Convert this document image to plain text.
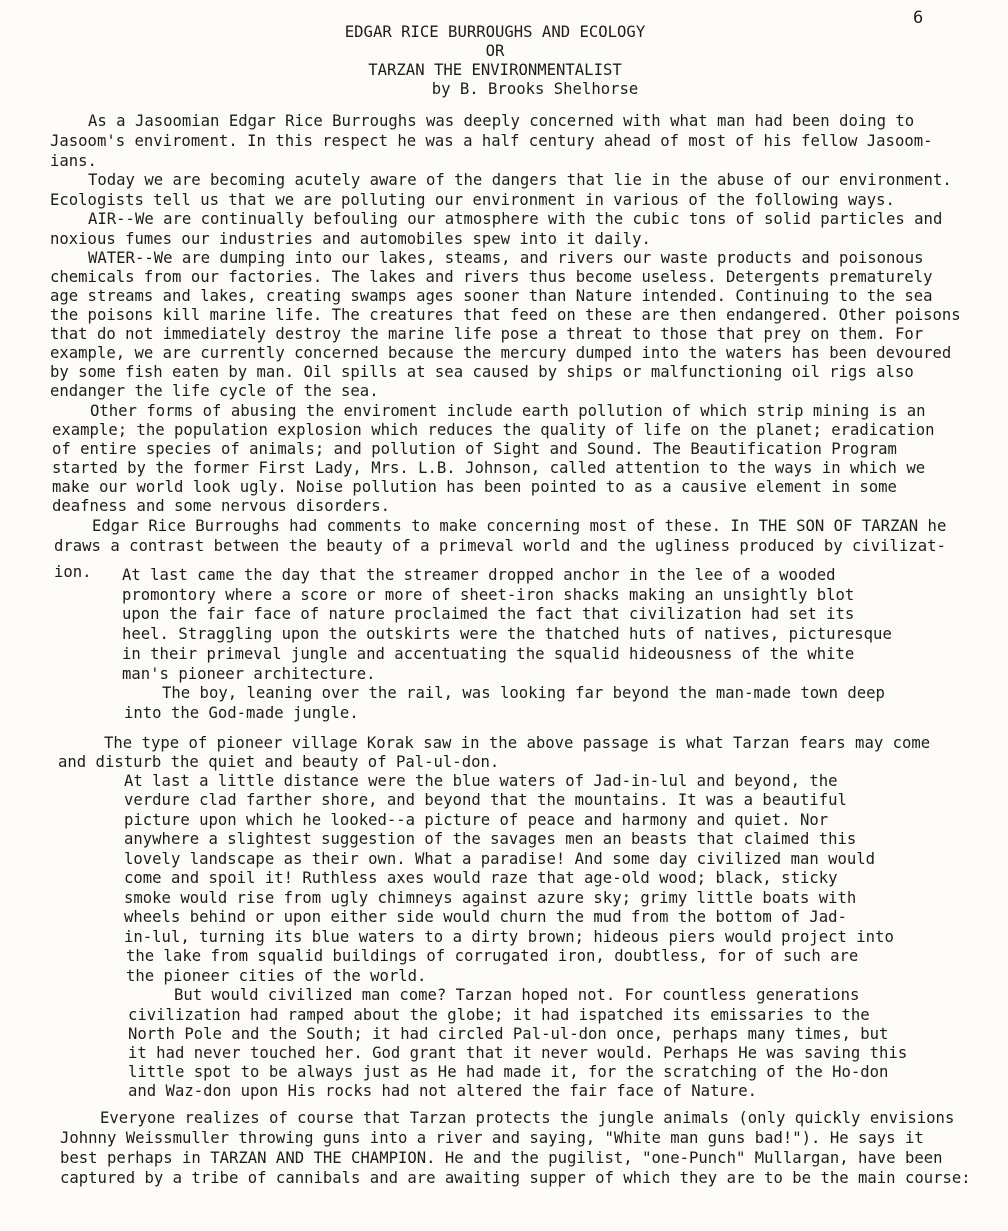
6
EDGAR RICE BURROUGHS AND ECOLOGY
OR
TARZAN THE ENVIRONMENTALIST
by B. Brooks Shelhorse
As a Jasoomian Edgar Rice Burroughs was deeply concerned with what man had been doing to
Jasoom's enviroment. In this respect he was a half century ahead of most of his fellow Jasoom-
ians.
Today we are becoming acutely aware of the dangers that lie in the abuse of our environment.
Ecologists tell us that we are polluting our environment in various of the following ways.
AIR--We are continually befouling our atmosphere with the cubic tons of solid particles and
noxious fumes our industries and automobiles spew into it daily.
WATER--We are dumping into our lakes, steams, and rivers our waste products and poisonous
chemicals from our factories. The lakes and rivers thus become useless. Detergents prematurely
age streams and lakes, creating swamps ages sooner than Nature intended. Continuing to the sea
the poisons kill marine life. The creatures that feed on these are then endangered. Other poisons
that do not immediately destroy the marine life pose a threat to those that prey on them. For
example, we are currently concerned because the mercury dumped into the waters has been devoured
by some fish eaten by man. Oil spills at sea caused by ships or malfunctioning oil rigs also
endanger the life cycle of the sea.
Other forms of abusing the enviroment include earth pollution of which strip mining is an
example; the population explosion which reduces the quality of life on the planet; eradication
of entire species of animals; and pollution of Sight and Sound. The Beautification Program
started by the former First Lady, Mrs. L.B. Johnson, called attention to the ways in which we
make our world look ugly. Noise pollution has been pointed to as a causive element in some
deafness and some nervous disorders.
Edgar Rice Burroughs had comments to make concerning most of these. In THE SON OF TARZAN he
draws a contrast between the beauty of a primeval world and the ugliness produced by civilizat-
ion. At last came the day that the streamer dropped anchor in the lee of a wooded
promontory where a score or more of sheet-iron shacks making an unsightly blot
upon the fair face of nature proclaimed the fact that civilization had set its
heel. Straggling upon the outskirts were the thatched huts of natives, picturesque
in their primeval jungle and accentuating the squalid hideousness of the white
man's pioneer architecture.
The boy, leaning over the rail, was looking far beyond the man-made town deep
into the God-made jungle.
The type of pioneer village Korak saw in the above passage is what Tarzan fears may come
and disturb the quiet and beauty of Pal-ul-don.
At last a little distance were the blue waters of Jad-in-lul and beyond, the
verdure clad farther shore, and beyond that the mountains. It was a beautiful
picture upon which he looked--a picture of peace and harmony and quiet. Nor
anywhere a slightest suggestion of the savages men an beasts that claimed this
lovely landscape as their own. What a paradise! And some day civilized man would
come and spoil it! Ruthless axes would raze that age-old wood; black, sticky
smoke would rise from ugly chimneys against azure sky; grimy little boats with
wheels behind or upon either side would churn the mud from the bottom of Jad-
in-lul, turning its blue waters to a dirty brown; hideous piers would project into
the lake from squalid buildings of corrugated iron, doubtless, for of such are
the pioneer cities of the world.
But would civilized man come? Tarzan hoped not. For countless generations
civilization had ramped about the globe; it had ispatched its emissaries to the
North Pole and the South; it had circled Pal-ul-don once, perhaps many times, but
it had never touched her. God grant that it never would. Perhaps He was saving this
little spot to be always just as He had made it, for the scratching of the Ho-don
and Waz-don upon His rocks had not altered the fair face of Nature.
Everyone realizes of course that Tarzan protects the jungle animals (only quickly envisions
Johnny Weissmuller throwing guns into a river and saying, "White man guns bad!"). He says it
best perhaps in TARZAN AND THE CHAMPION. He and the pugilist, "one-Punch" Mullargan, have been
captured by a tribe of cannibals and are awaiting supper of which they are to be the main course:
